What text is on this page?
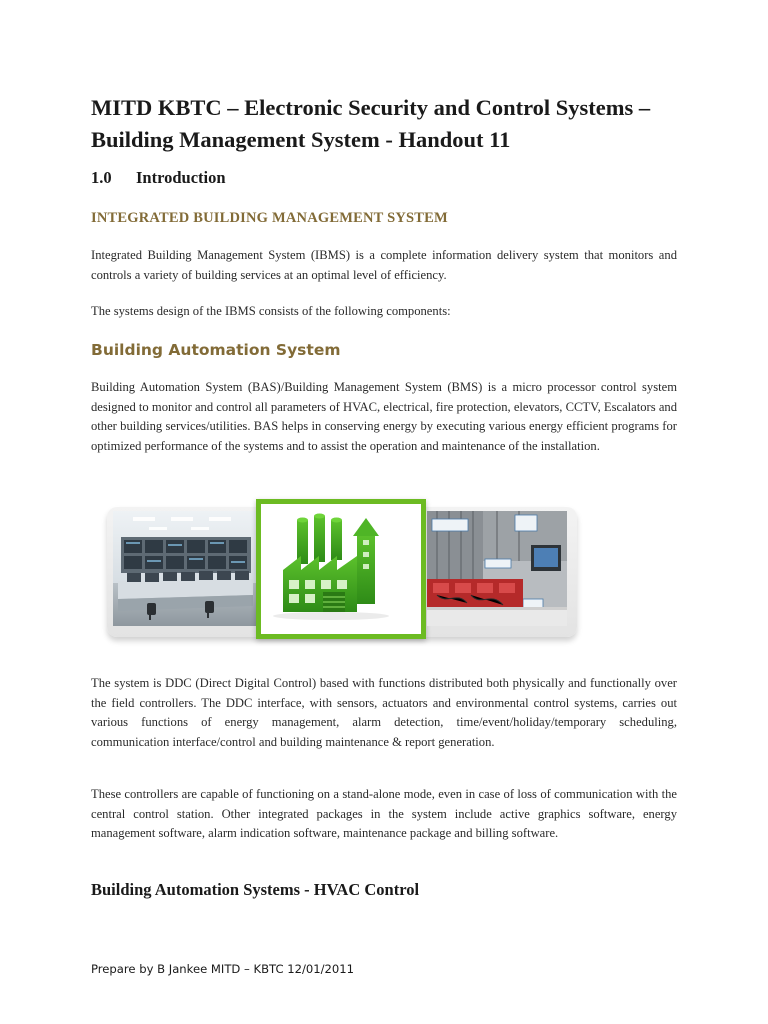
MITD KBTC – Electronic Security and Control Systems – Building Management System - Handout 11
1.0 Introduction
INTEGRATED BUILDING MANAGEMENT SYSTEM

Integrated Building Management System (IBMS) is a complete information delivery system that monitors and controls a variety of building services at an optimal level of efficiency.

The systems design of the IBMS consists of the following components:

Building Automation System

Building Automation System (BAS)/Building Management System (BMS) is a micro processor control system designed to monitor and control all parameters of HVAC, electrical, fire protection, elevators, CCTV, Escalators and other building services/utilities. BAS helps in conserving energy by executing various energy efficient programs for optimized performance of the systems and to assist the operation and maintenance of the installation.

The system is DDC (Direct Digital Control) based with functions distributed both physically and functionally over the field controllers. The DDC interface, with sensors, actuators and environmental control systems, carries out various functions of energy management, alarm detection, time/event/holiday/temporary scheduling, communication interface/control and building maintenance & report generation.

These controllers are capable of functioning on a stand-alone mode, even in case of loss of communication with the central control station. Other integrated packages in the system include active graphics software, energy management software, alarm indication software, maintenance package and billing software.

Building Automation Systems - HVAC Control

Prepare by B Jankee MITD – KBTC 12/01/2011
